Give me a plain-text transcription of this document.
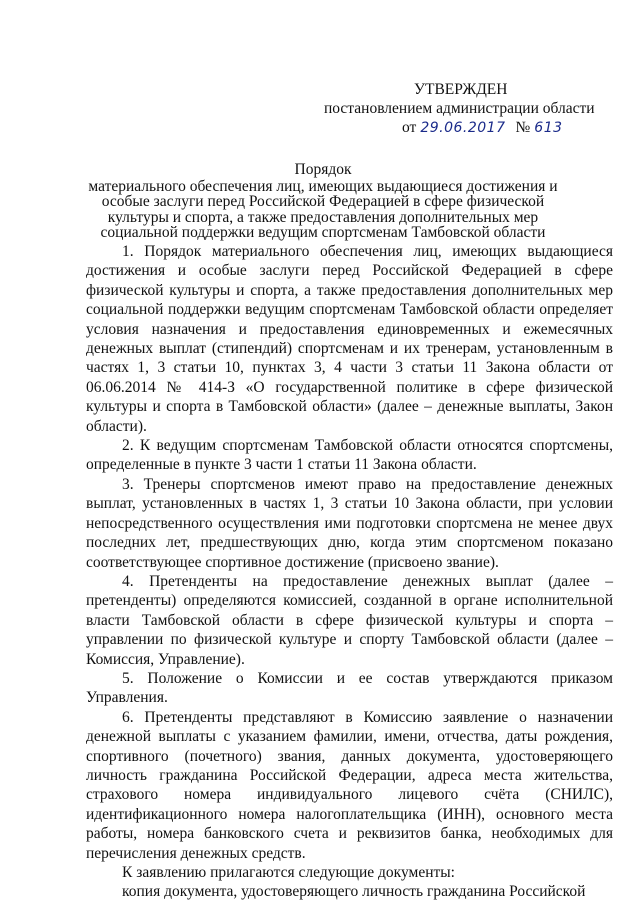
УТВЕРЖДЕН
постановлением администрации области
от 29.06.2017 № 613
Порядок
материального обеспечения лиц, имеющих выдающиеся достижения и особые заслуги перед Российской Федерацией в сфере физической культуры и спорта, а также предоставления дополнительных мер социальной поддержки ведущим спортсменам Тамбовской области

1. Порядок материального обеспечения лиц, имеющих выдающиеся достижения и особые заслуги перед Российской Федерацией в сфере физической культуры и спорта, а также предоставления дополнительных мер социальной поддержки ведущим спортсменам Тамбовской области определяет условия назначения и предоставления единовременных и ежемесячных денежных выплат (стипендий) спортсменам и их тренерам, установленным в частях 1, 3 статьи 10, пунктах 3, 4 части 3 статьи 11 Закона области от 06.06.2014 № 414-З «О государственной политике в сфере физической культуры и спорта в Тамбовской области» (далее – денежные выплаты, Закон области).

2. К ведущим спортсменам Тамбовской области относятся спортсмены, определенные в пункте 3 части 1 статьи 11 Закона области.

3. Тренеры спортсменов имеют право на предоставление денежных выплат, установленных в частях 1, 3 статьи 10 Закона области, при условии непосредственного осуществления ими подготовки спортсмена не менее двух последних лет, предшествующих дню, когда этим спортсменом показано соответствующее спортивное достижение (присвоено звание).

4. Претенденты на предоставление денежных выплат (далее – претенденты) определяются комиссией, созданной в органе исполнительной власти Тамбовской области в сфере физической культуры и спорта – управлении по физической культуре и спорту Тамбовской области (далее – Комиссия, Управление).

5. Положение о Комиссии и ее состав утверждаются приказом Управления.

6. Претенденты представляют в Комиссию заявление о назначении денежной выплаты с указанием фамилии, имени, отчества, даты рождения, спортивного (почетного) звания, данных документа, удостоверяющего личность гражданина Российской Федерации, адреса места жительства, страхового номера индивидуального лицевого счёта (СНИЛС), идентификационного номера налогоплательщика (ИНН), основного места работы, номера банковского счета и реквизитов банка, необходимых для перечисления денежных средств.

К заявлению прилагаются следующие документы:

копия документа, удостоверяющего личность гражданина Российской
